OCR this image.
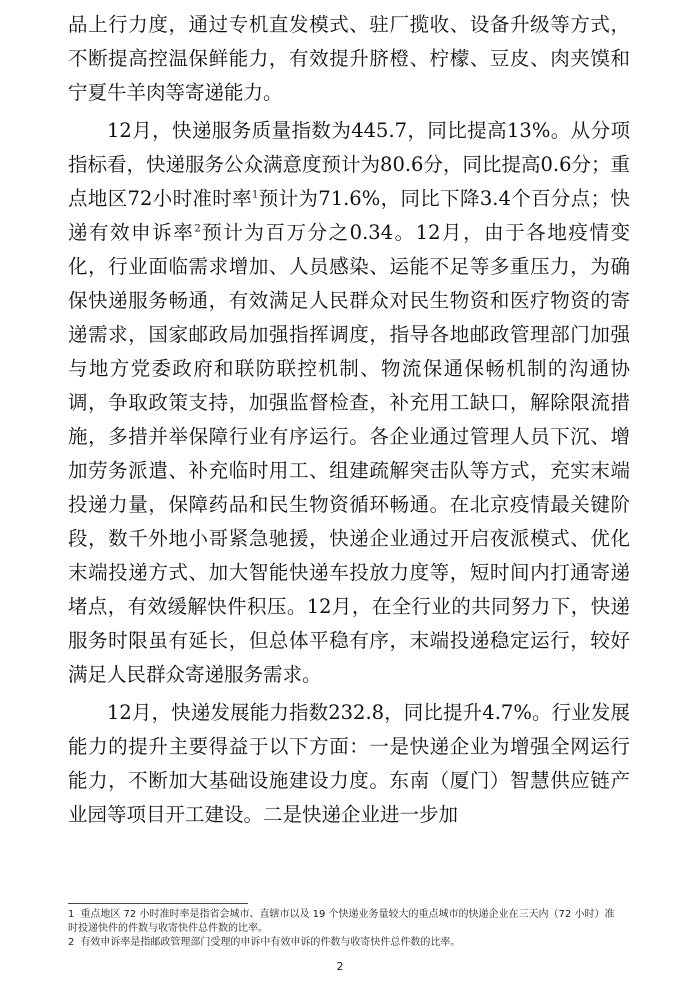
品上行力度，通过专机直发模式、驻厂揽收、设备升级等方式，不断提高控温保鲜能力，有效提升脐橙、柠檬、豆皮、肉夹馍和宁夏牛羊肉等寄递能力。

12月，快递服务质量指数为445.7，同比提高13%。从分项指标看，快递服务公众满意度预计为80.6分，同比提高0.6分；重点地区72小时准时率$^1$预计为71.6%，同比下降3.4个百分点；快递有效申诉率$^2$预计为百万分之0.34。12月，由于各地疫情变化，行业面临需求增加、人员感染、运能不足等多重压力，为确保快递服务畅通，有效满足人民群众对民生物资和医疗物资的寄递需求，国家邮政局加强指挥调度，指导各地邮政管理部门加强与地方党委政府和联防联控机制、物流保通保畅机制的沟通协调，争取政策支持，加强监督检查，补充用工缺口，解除限流措施，多措并举保障行业有序运行。各企业通过管理人员下沉、增加劳务派遣、补充临时用工、组建疏解突击队等方式，充实末端投递力量，保障药品和民生物资循环畅通。在北京疫情最关键阶段，数千外地小哥紧急驰援，快递企业通过开启夜派模式、优化末端投递方式、加大智能快递车投放力度等，短时间内打通寄递堵点，有效缓解快件积压。12月，在全行业的共同努力下，快递服务时限虽有延长，但总体平稳有序，末端投递稳定运行，较好满足人民群众寄递服务需求。

12月，快递发展能力指数232.8，同比提升4.7%。行业发展能力的提升主要得益于以下方面：一是快递企业为增强全网运行能力，不断加大基础设施建设力度。东南（厦门）智慧供应链产业园等项目开工建设。二是快递企业进一步加

1 重点地区 72 小时准时率是指省会城市、直辖市以及 19 个快递业务量较大的重点城市的快递企业在三天内（72 小时）准时投递快件的件数与收寄快件总件数的比率。
2 有效申诉率是指邮政管理部门受理的申诉中有效申诉的件数与收寄快件总件数的比率。
2
